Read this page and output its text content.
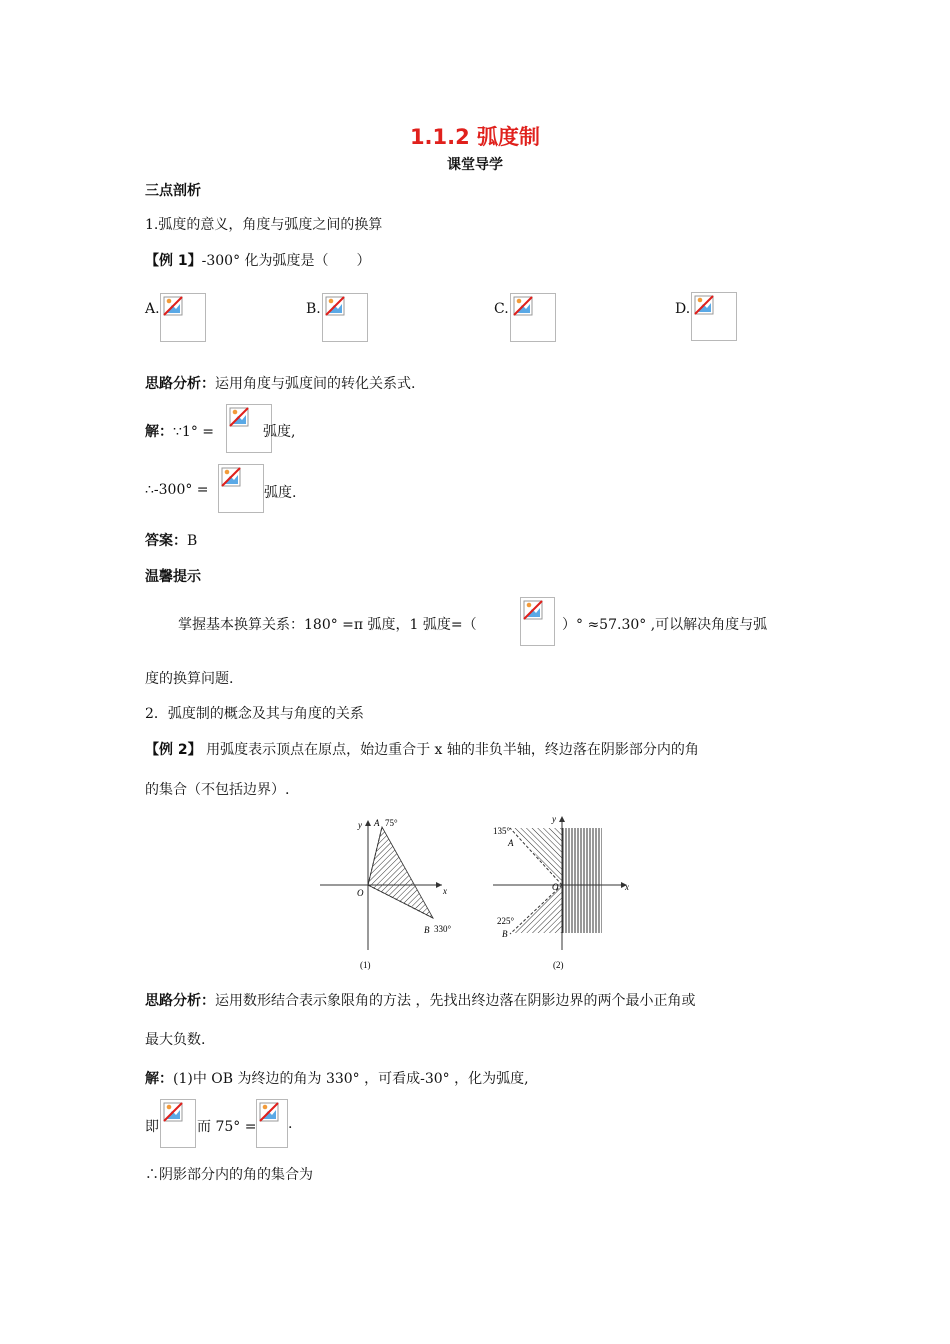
1.1.2 弧度制
课堂导学
三点剖析
1.弧度的意义，角度与弧度之间的换算
【例 1】-300° 化为弧度是（　　）
A.	B.	C.	D.
思路分析：运用角度与弧度间的转化关系式.
解：∵1° =	弧度,
∴-300° =	弧度.
答案：B
温馨提示
掌握基本换算关系：180° =π 弧度，1 弧度=（	）° ≈57.30° ,可以解决角度与弧
度的换算问题.
2．弧度制的概念及其与角度的关系
【例 2】 用弧度表示顶点在原点，始边重合于 x 轴的非负半轴，终边落在阴影部分内的角
的集合（不包括边界）.
y
x
O
A 75°
B 330°
(1)
y
x
O
135°
A
225°
B
(2)
思路分析：运用数形结合表示象限角的方法 ，先找出终边落在阴影边界的两个最小正角或
最大负数.
解：(1)中 OB 为终边的角为 330° ，可看成-30° ，化为弧度,
即	而 75° = .
∴阴影部分内的角的集合为
